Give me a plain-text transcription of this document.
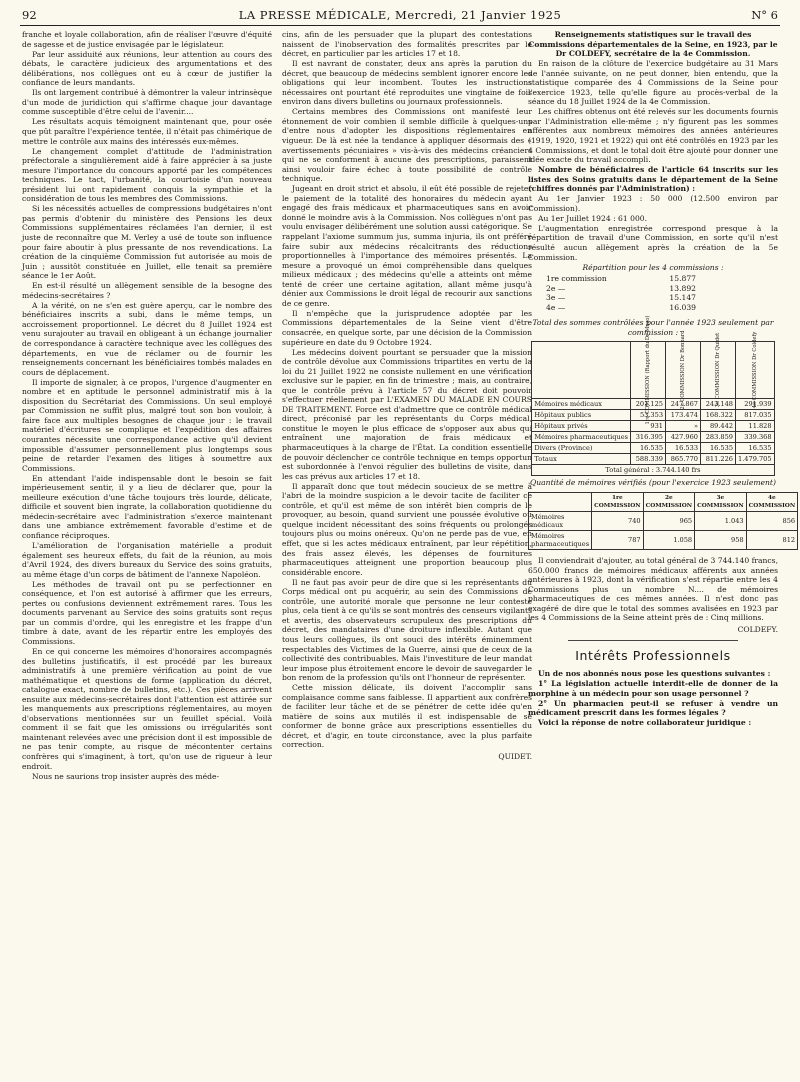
92	LA PRESSE MÉDICALE, Mercredi, 21 Janvier 1925	N° 6

franche et loyale collaboration, afin de réaliser l'œuvre d'équité de sagesse et de justice envisagée par le législateur.

Par leur assiduité aux réunions, leur attention au cours des débats, le caractère judicieux des argumentations et des délibérations, nos collègues ont eu à cœur de justifier la confiance de leurs mandants.

Ils ont largement contribué à démontrer la valeur intrinsèque d'un mode de juridiction qui s'affirme chaque jour davantage comme susceptible d'être celui de l'avenir....

Les résultats acquis témoignent maintenant que, pour osée que pût paraître l'expérience tentée, il n'était pas chimérique de mettre le contrôle aux mains des intéressés eux-mêmes.

Le changement complet d'attitude de l'administration préfectorale a singulièrement aidé à faire apprécier à sa juste mesure l'importance du concours apporté par les compétences techniques. Le tact, l'urbanité, la courtoisie d'un nouveau président lui ont rapidement conquis la sympathie et la considération de tous les membres des Commissions.

Si les nécessités actuelles de compressions budgétaires n'ont pas permis d'obtenir du ministère des Pensions les deux Commissions supplémentaires réclamées l'an dernier, il est juste de reconnaître que M. Verley a usé de toute son influence pour faire aboutir à plus pressante de nos revendications. La création de la cinquième Commission fut autorisée au mois de Juin ; aussitôt constituée en Juillet, elle tenait sa première séance le 1er Août.

En est-il résulté un allègement sensible de la besogne des médecins-secrétaires ?

A la vérité, on ne s'en est guère aperçu, car le nombre des bénéficiaires inscrits a subi, dans le même temps, un accroissement proportionnel. Le décret du 8 Juillet 1924 est venu surajouter au travail en obligeant à un échange journalier de correspondance à caractère technique avec les collègues des départements, en vue de réclamer ou de fournir les renseignements concernant les bénéficiaires tombés malades en cours de déplacement.

Il importe de signaler, à ce propos, l'urgence d'augmenter en nombre et en aptitude le personnel administratif mis à la disposition du Secrétariat des Commissions. Un seul employé par Commission ne suffit plus, malgré tout son bon vouloir, à faire face aux multiples besognes de chaque jour : le travail matériel d'écritures se complique et l'expédition des affaires courantes nécessite une correspondance active qu'il devient impossible d'assumer personnellement plus longtemps sous peine de retarder l'examen des litiges à soumettre aux Commissions.

En attendant l'aide indispensable dont le besoin se fait impérieusement sentir, il y a lieu de déclarer que, pour la meilleure exécution d'une tâche toujours très lourde, délicate, difficile et souvent bien ingrate, la collaboration quotidienne du médecin-secrétaire avec l'administration s'exerce maintenant dans une ambiance extrêmement favorable d'estime et de confiance réciproques.

L'amélioration de l'organisation matérielle a produit également ses heureux effets, du fait de la réunion, au mois d'Avril 1924, des divers bureaux du Service des soins gratuits, au même étage d'un corps de bâtiment de l'annexe Napoléon.

Les méthodes de travail ont pu se perfectionner en conséquence, et l'on est autorisé à affirmer que les erreurs, pertes ou confusions deviennent extrêmement rares. Tous les documents parvenant au Service des soins gratuits sont reçus par un commis d'ordre, qui les enregistre et les frappe d'un timbre à date, avant de les répartir entre les employés des Commissions.

En ce qui concerne les mémoires d'honoraires accompagnés des bulletins justificatifs, il est procédé par les bureaux administratifs à une première vérification au point de vue mathématique et questions de forme (application du décret, catalogue exact, nombre de bulletins, etc.). Ces pièces arrivent ensuite aux médecins-secrétaires dont l'attention est attirée sur les manquements aux prescriptions réglementaires, au moyen d'observations mentionnées sur un feuillet spécial. Voilà comment il se fait que les omissions ou irrégularités sont maintenant relevées avec une précision dont il est impossible de ne pas tenir compte, au risque de mécontenter certains confrères qui s'imaginent, à tort, qu'on use de rigueur à leur endroit.

Nous ne saurions trop insister auprès des méde-

cins, afin de les persuader que la plupart des contestations naissent de l'inobservation des formalités prescrites par le décret, en particulier par les articles 17 et 18.

Il est navrant de constater, deux ans après la parution du décret, que beaucoup de médecins semblent ignorer encore les obligations qui leur incombent. Toutes les instructions nécessaires ont pourtant été reproduites une vingtaine de fois environ dans divers bulletins ou journaux professionnels.

Certains membres des Commissions ont manifesté leur étonnement de voir combien il semble difficile à quelques-uns d'entre nous d'adopter les dispositions réglementaires en vigueur. De là est née la tendance à appliquer désormais des « avertissements pécuniaires » vis-à-vis des médecins créanciers qui ne se conforment à aucune des prescriptions, paraissent ainsi vouloir faire échec à toute possibilité de contrôle technique.

Jugeant en droit strict et absolu, il eût été possible de rejeter le paiement de la totalité des honoraires du médecin ayant engagé des frais médicaux et pharmaceutiques sans en avoir donné le moindre avis à la Commission. Nos collègues n'ont pas voulu envisager délibérément une solution aussi catégorique. Se rappelant l'axiome summum jus, summa injuria, ils ont préféré faire subir aux médecins récalcitrants des réductions proportionnelles à l'importance des mémoires présentés. La mesure a provoqué un émoi compréhensible dans quelques milieux médicaux ; des médecins qu'elle a atteints ont même tenté de créer une certaine agitation, allant même jusqu'à dénier aux Commissions le droit légal de recourir aux sanctions de ce genre.

Il n'empêche que la jurisprudence adoptée par les Commissions départementales de la Seine vient d'être consacrée, en quelque sorte, par une décision de la Commission supérieure en date du 9 Octobre 1924.

Les médecins doivent pourtant se persuader que la mission de contrôle dévolue aux Commissions tripartites en vertu de la loi du 21 Juillet 1922 ne consiste nullement en une vérification exclusive sur le papier, en fin de trimestre ; mais, au contraire, que le contrôle prévu à l'article 57 du décret doit pouvoir s'effectuer réellement par L'EXAMEN DU MALADE EN COURS DE TRAITEMENT. Force est d'admettre que ce contrôle médical direct, préconisé par les représentants du Corps médical, constitue le moyen le plus efficace de s'opposer aux abus qui entraînent une majoration de frais médicaux et pharmaceutiques à la charge de l'État. La condition essentielle de pouvoir déclencher ce contrôle technique en temps opportun est subordonnée à l'envoi régulier des bulletins de visite, dans les cas prévus aux articles 17 et 18.

Il apparaît donc que tout médecin soucieux de se mettre à l'abri de la moindre suspicion a le devoir tacite de faciliter ce contrôle, et qu'il est même de son intérêt bien compris de le provoquer, au besoin, quand survient une poussée évolutive ou quelque incident nécessitant des soins fréquents ou prolongés toujours plus ou moins onéreux. Qu'on ne perde pas de vue, en effet, que si les actes médicaux entraînent, par leur répétition, des frais assez élevés, les dépenses de fournitures pharmaceutiques atteignent une proportion beaucoup plus considérable encore.

Il ne faut pas avoir peur de dire que si les représentants du Corps médical ont pu acquérir, au sein des Commissions de contrôle, une autorité morale que personne ne leur conteste plus, cela tient à ce qu'ils se sont montrés des censeurs vigilants et avertis, des observateurs scrupuleux des prescriptions du décret, des mandataires d'une droiture inflexible. Autant que tous leurs collègues, ils ont souci des intérêts éminemment respectables des Victimes de la Guerre, ainsi que de ceux de la collectivité des contribuables. Mais l'investiture de leur mandat leur impose plus étroitement encore le devoir de sauvegarder le bon renom de la profession qu'ils ont l'honneur de représenter.

Cette mission délicate, ils doivent l'accomplir sans complaisance comme sans faiblesse. Il appartient aux confrères de faciliter leur tâche et de se pénétrer de cette idée qu'en matière de soins aux mutilés il est indispensable de se conformer de bonne grâce aux prescriptions essentielles du décret, et d'agir, en toute circonstance, avec la plus parfaite correction.

QUIDET.

Renseignements statistiques sur le travail des Commissions départementales de la Seine, en 1923, par le Dr COLDEFY, secrétaire de la 4e Commission.

En raison de la clôture de l'exercice budgétaire au 31 Mars de l'année suivante, on ne peut donner, bien entendu, que la statistique comparée des 4 Commissions de la Seine pour l'exercice 1923, telle qu'elle figure au procès-verbal de la séance du 18 Juillet 1924 de la 4e Commission.

Les chiffres obtenus ont été relevés sur les documents fournis par l'Administration elle-même ; n'y figurent pas les sommes afférentes aux nombreux mémoires des années antérieures (1919, 1920, 1921 et 1922) qui ont été contrôlés en 1923 par les 4 Commissions, et dont le total doit être ajouté pour donner une idée exacte du travail accompli.

Nombre de bénéficiaires de l'article 64 inscrits sur les listes des Soins gratuits dans le département de la Seine (chiffres donnés par l'Administration) :

Au 1er Janvier 1923 : 50 000 (12.500 environ par Commission).

Au 1er Juillet 1924 : 61 000.

L'augmentation enregistrée correspond presque à la répartition de travail d'une Commission, en sorte qu'il n'est résulté aucun allègement après la création de la 5e Commission.

Répartition pour les 4 commissions :

1re commission	15.877
2e —	13.892
3e —	15.147
4e —	16.039

Total des sommes contrôlées pour l'année 1923 seulement par commission :

	1re COMMISSION (Rapport du Dr Mazo)	2e COMMISSION Dr Bonnard	3e COMMISSION Dr Quidet	4e COMMISSION Dr Coldefy

Mémoires médicaux	201.125	247.867	243.148	291.939
Hôpitaux publics	53.353	173.474	168.322	817.035
Hôpitaux privés	931	»	89.442	11.828
Mémoires pharmaceutiques	316.395	427.960	283.859	339.368
Divers (Province)	16.535	16.533	16.535	16.535
Totaux	588.339	865.770	811.226	1.479.705
Total général : 3.744.140 frs				

Quantité de mémoires vérifiés (pour l'exercice 1923 seulement)

	1re COMMISSION	2e COMMISSION	3e COMMISSION	4e COMMISSION
Mémoires médicaux	740	965	1.043	856
Mémoires pharmaceutiques	787	1.058	958	812

Il conviendrait d'ajouter, au total général de 3 744.140 francs, 650.000 francs de mémoires médicaux afférents aux années antérieures à 1923, dont la vérification s'est répartie entre les 4 Commissions plus un nombre N.... de mémoires pharmaceutiques de ces mêmes années. Il n'est donc pas exagéré de dire que le total des sommes avalisées en 1923 par les 4 Commissions de la Seine atteint près de : Cinq millions.

COLDEFY.
Intérêts Professionnels

Un de nos abonnés nous pose les questions suivantes :

1° La législation actuelle interdit-elle de donner de la morphine à un médecin pour son usage personnel ?

2° Un pharmacien peut-il se refuser à vendre un médicament prescrit dans les formes légales ?

Voici la réponse de notre collaborateur juridique :
